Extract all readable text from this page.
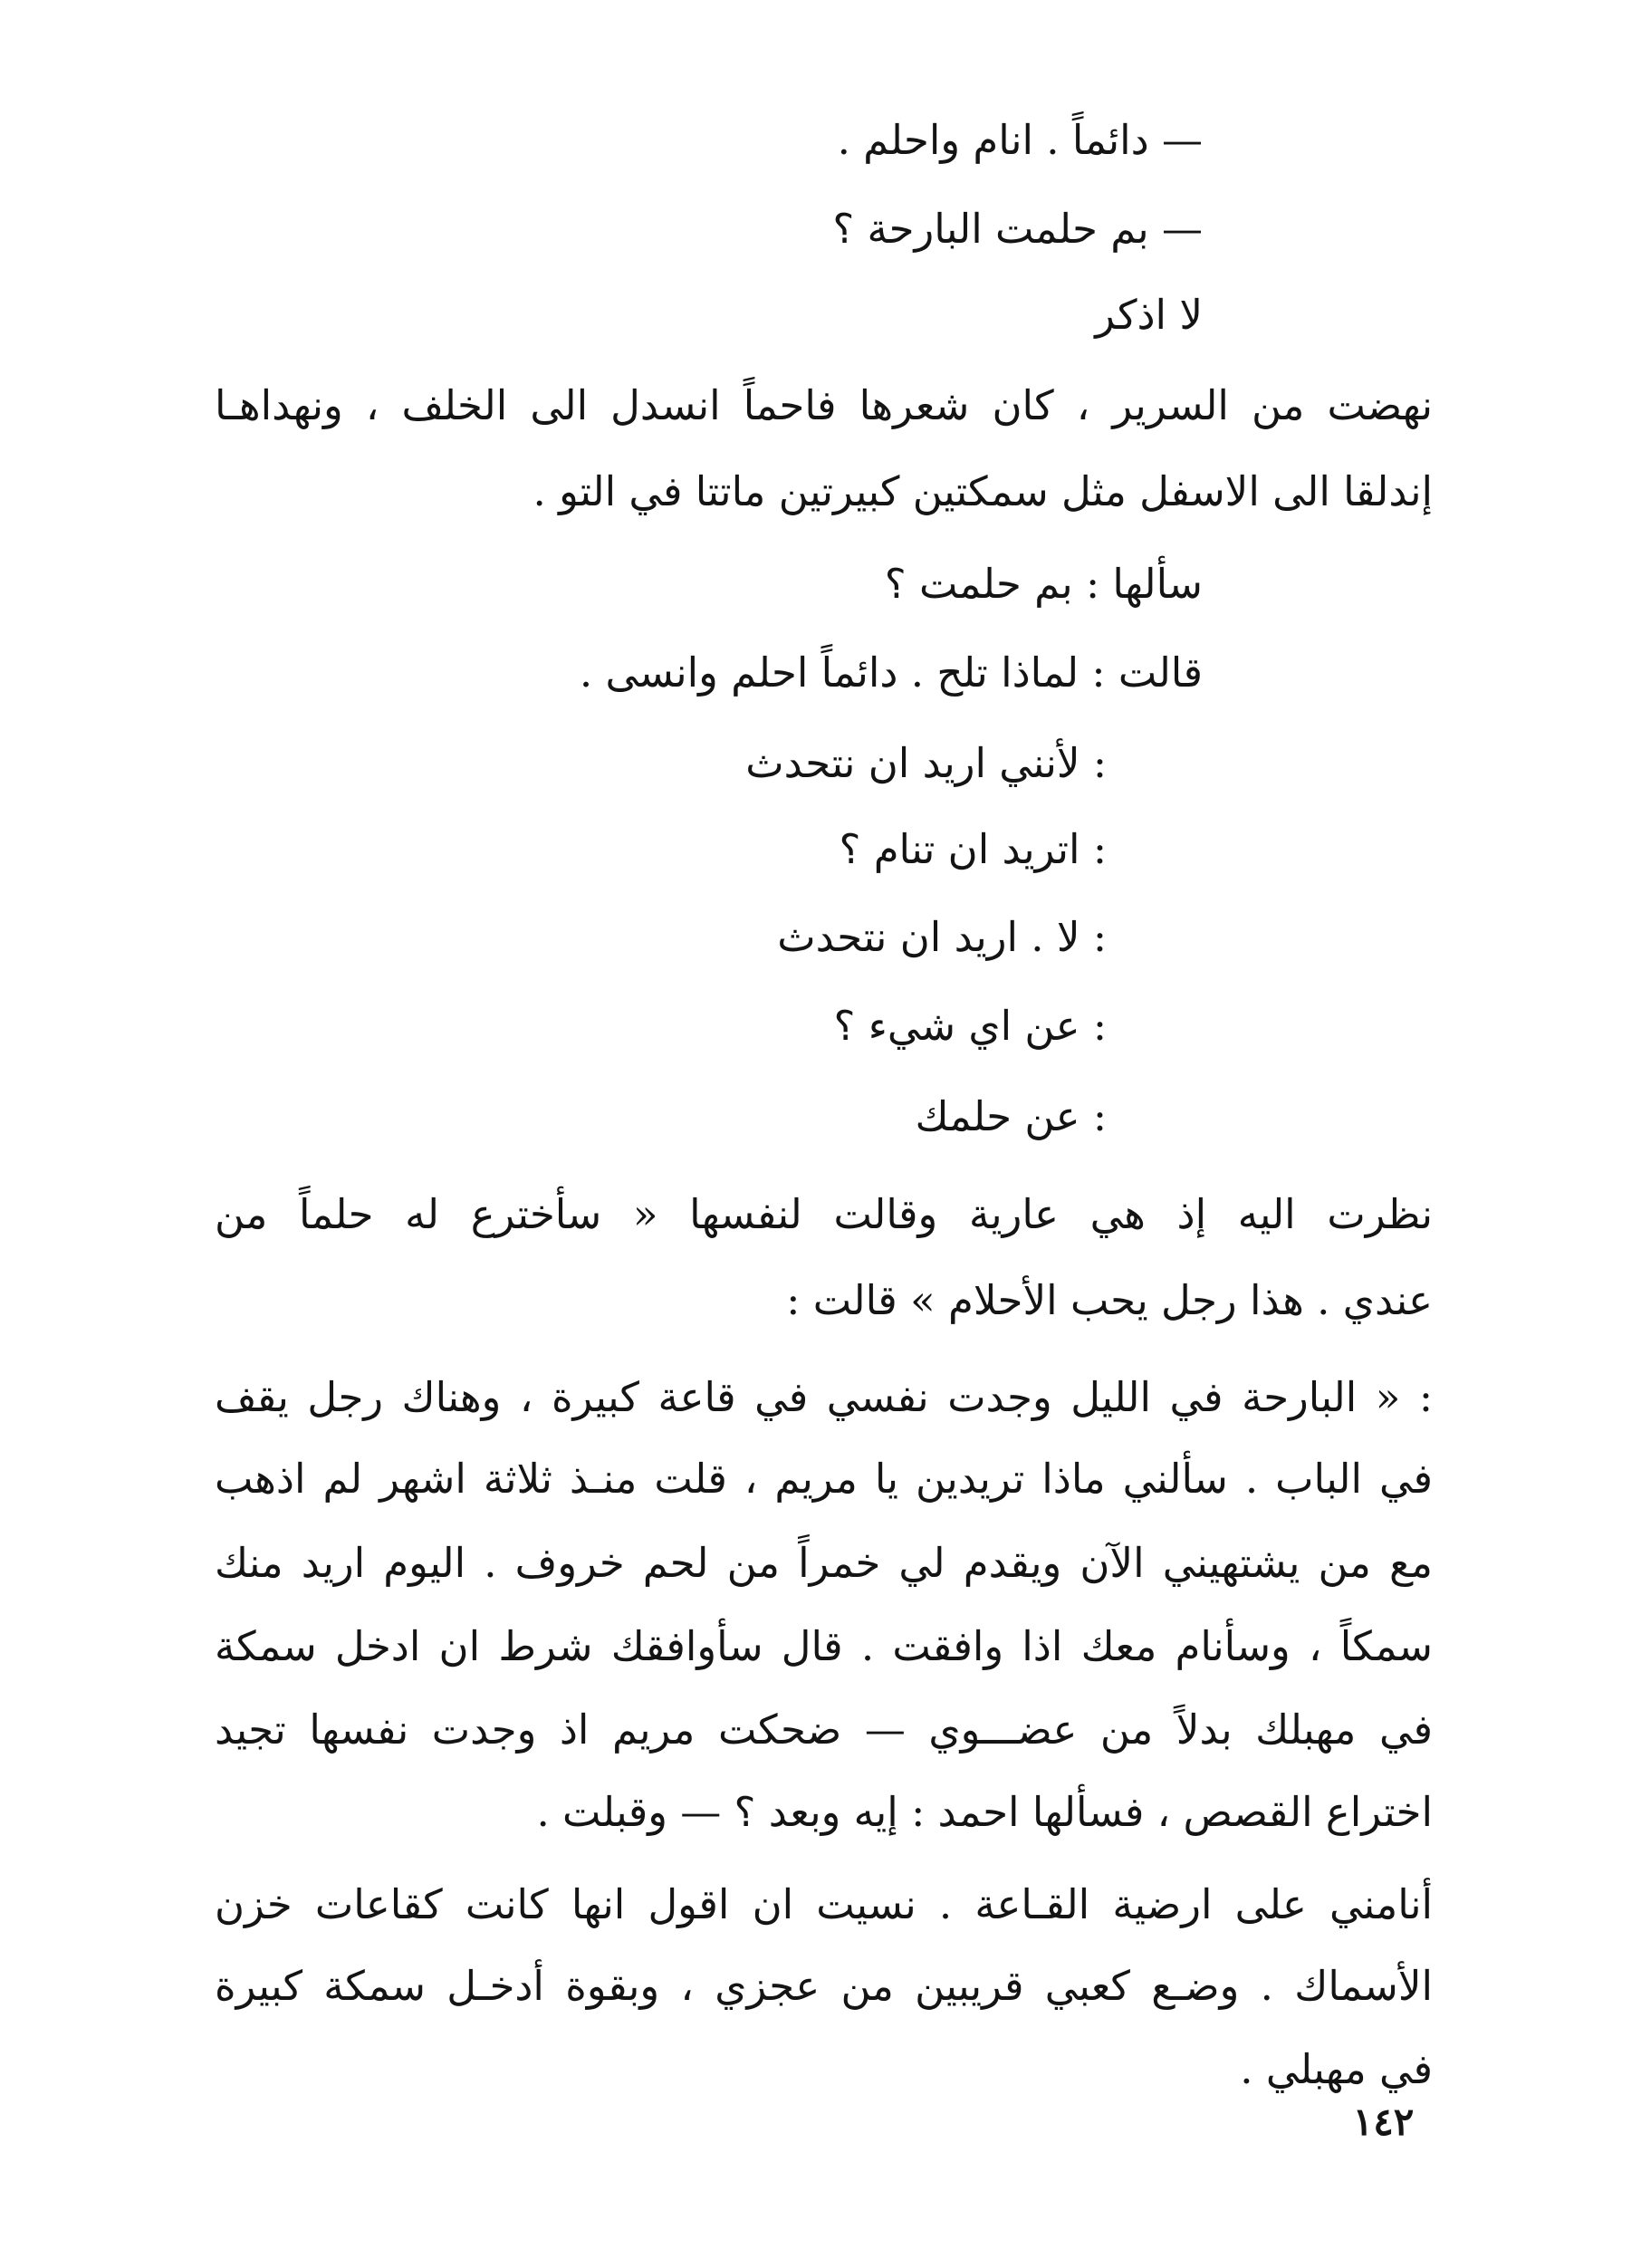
— دائماً . انام واحلم .

— بم حلمت البارحة ؟

لا اذكر

نهضت من السرير ، كان شعرها فاحماً انسدل الى الخلف ، ونهداهـا

إندلقا الى الاسفل مثل سمكتين كبيرتين ماتتا في التو .

سألها : بم حلمت ؟

قالت : لماذا تلح . دائماً احلم وانسى .

: لأنني اريد ان نتحدث

: اتريد ان تنام ؟

: لا . اريد ان نتحدث

: عن اي شيء ؟

: عن حلمك

نظرت اليه إذ هي عارية وقالت لنفسها « سأخترع له حلماً من

عندي . هذا رجل يحب الأحلام » قالت :

: « البارحة في الليل وجدت نفسي في قاعة كبيرة ، وهناك رجل يقف

في الباب . سألني ماذا تريدين يا مريم ، قلت منـذ ثلاثة اشهر لم اذهب

مع من يشتهيني الآن ويقدم لي خمراً من لحم خروف . اليوم اريد منك

سمكاً ، وسأنام معك اذا وافقت . قال سأوافقك شرط ان ادخل سمكة

في مهبلك بدلاً من عضـــوي — ضحكت مريم اذ وجدت نفسها تجيد

اختراع القصص ، فسألها احمد : إيه وبعد ؟ — وقبلت .

أنامني على ارضية القـاعة . نسيت ان اقول انها كانت كقاعات خزن

الأسماك . وضـع كعبي قريبين من عجزي ، وبقوة أدخـل سمكة كبيرة

في مهبلي .

١٤٢
